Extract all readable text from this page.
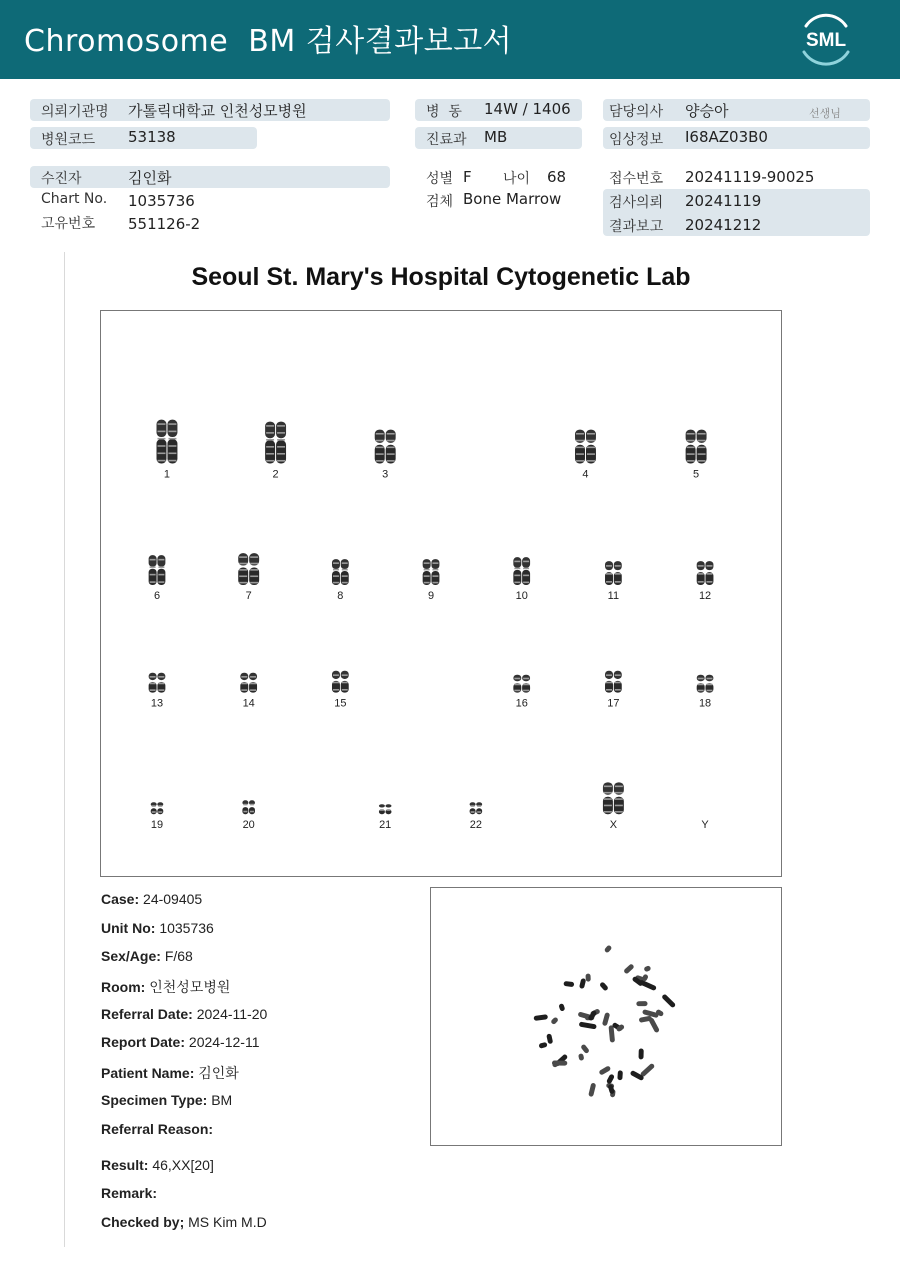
Chromosome  BM 검사결과보고서	SML
의뢰기관명 가톨릭대학교 인천성모병원
병원코드 53138
병  동 14W / 1406
진료과 MB
담당의사 양승아	선생님
임상정보 I68AZ03B0
수진자	김인화
Chart No. 1035736
고유번호 551126-2
성별 F 나이 68
검체 Bone Marrow
접수번호 20241119-90025
검사의뢰 20241119
결과보고 20241212
Seoul St. Mary's Hospital Cytogenetic Lab
1	2	3	4	5
6	7	8	9	10	11	12
13	14	15	16	17	18
19	20	21	22	X	Y
Case: 24-09405
Unit No: 1035736
Sex/Age: F/68
Room: 인천성모병원
Referral Date: 2024-11-20
Report Date: 2024-12-11
Patient Name: 김인화
Specimen Type: BM
Referral Reason:
Result: 46,XX[20]
Remark:
Checked by; MS Kim M.D
